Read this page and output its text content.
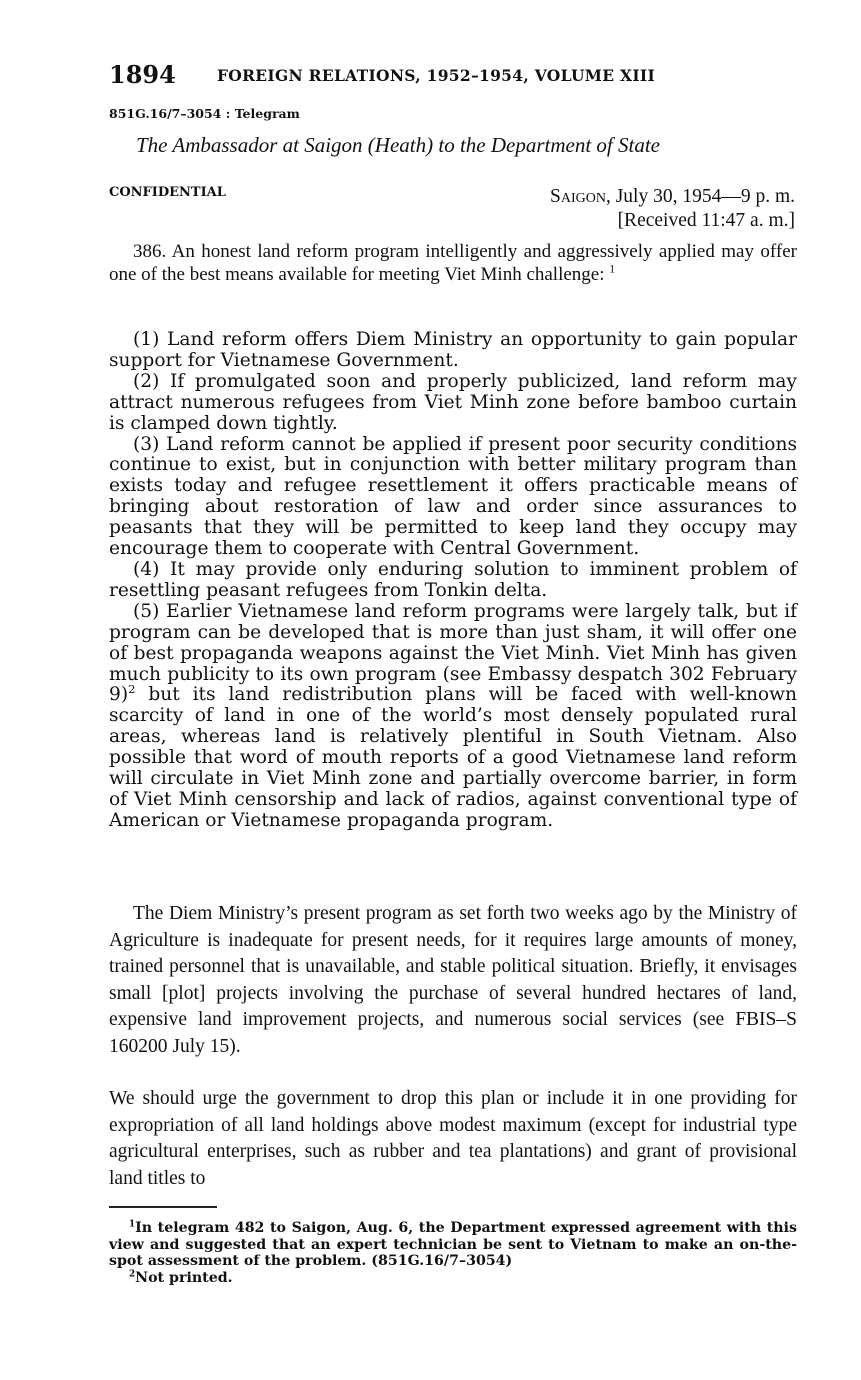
1894	FOREIGN RELATIONS, 1952–1954, VOLUME XIII
851G.16/7–3054 : Telegram
The Ambassador at Saigon (Heath) to the Department of State
CONFIDENTIAL	Saigon, July 30, 1954—9 p. m.
[Received 11:47 a. m.]
386. An honest land reform program intelligently and aggressively applied may offer one of the best means available for meeting Viet Minh challenge: $^1$

(1) Land reform offers Diem Ministry an opportunity to gain popular support for Vietnamese Government.

(2) If promulgated soon and properly publicized, land reform may attract numerous refugees from Viet Minh zone before bamboo curtain is clamped down tightly.

(3) Land reform cannot be applied if present poor security conditions continue to exist, but in conjunction with better military program than exists today and refugee resettlement it offers practicable means of bringing about restoration of law and order since assurances to peasants that they will be permitted to keep land they occupy may encourage them to cooperate with Central Government.

(4) It may provide only enduring solution to imminent problem of resettling peasant refugees from Tonkin delta.

(5) Earlier Vietnamese land reform programs were largely talk, but if program can be developed that is more than just sham, it will offer one of best propaganda weapons against the Viet Minh. Viet Minh has given much publicity to its own program (see Embassy despatch 302 February 9)$^2$ but its land redistribution plans will be faced with well-known scarcity of land in one of the world’s most densely populated rural areas, whereas land is relatively plentiful in South Vietnam. Also possible that word of mouth reports of a good Vietnamese land reform will circulate in Viet Minh zone and partially overcome barrier, in form of Viet Minh censorship and lack of radios, against conventional type of American or Vietnamese propaganda program.

The Diem Ministry’s present program as set forth two weeks ago by the Ministry of Agriculture is inadequate for present needs, for it requires large amounts of money, trained personnel that is unavailable, and stable political situation. Briefly, it envisages small [plot] projects involving the purchase of several hundred hectares of land, expensive land improvement projects, and numerous social services (see FBIS–S 160200 July 15).
We should urge the government to drop this plan or include it in one providing for expropriation of all land holdings above modest maximum (except for industrial type agricultural enterprises, such as rubber and tea plantations) and grant of provisional land titles to

$^1$In telegram 482 to Saigon, Aug. 6, the Department expressed agreement with this view and suggested that an expert technician be sent to Vietnam to make an on-the-spot assessment of the problem. (851G.16/7–3054)

$^2$Not printed.
